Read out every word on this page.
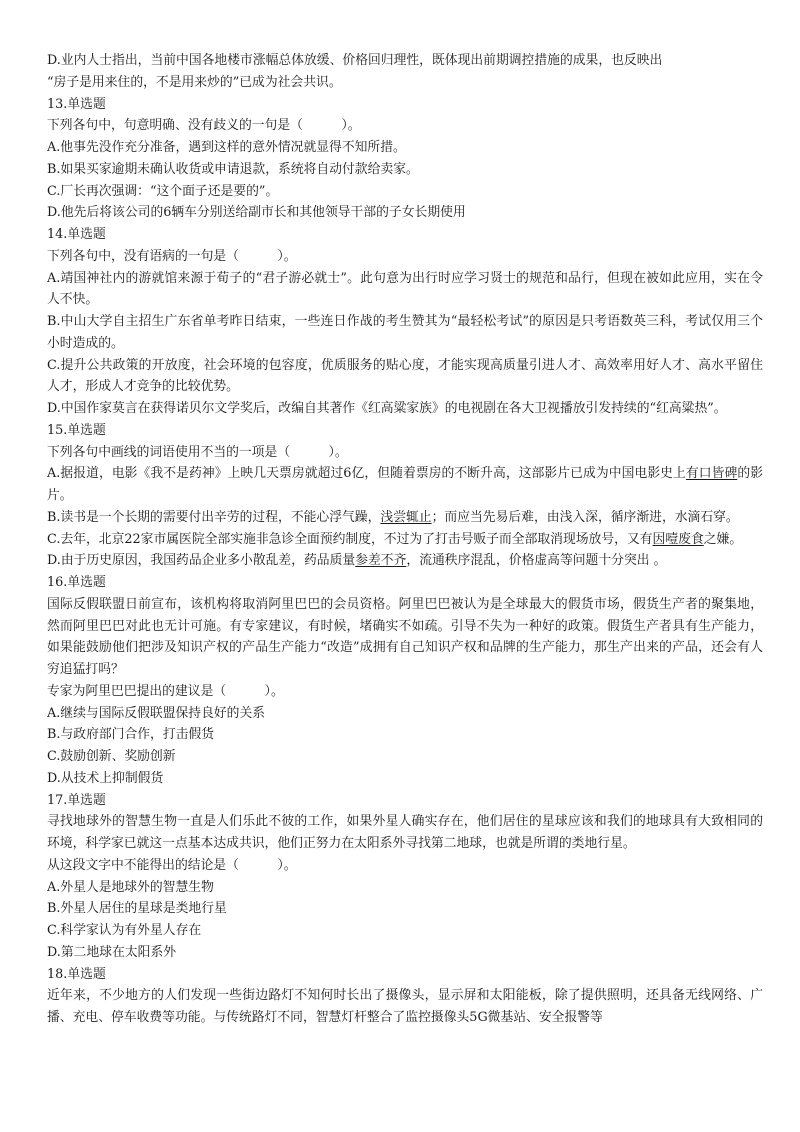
D.业内人士指出，当前中国各地楼市涨幅总体放缓、价格回归理性，既体现出前期调控措施的成果，也反映出
“房子是用来住的，不是用来炒的”已成为社会共识。
13.单选题
下列各句中，句意明确、没有歧义的一句是（　　　）。
A.他事先没作充分准备，遇到这样的意外情况就显得不知所措。
B.如果买家逾期未确认收货或申请退款，系统将自动付款给卖家。
C.厂长再次强调：“这个面子还是要的”。
D.他先后将该公司的6辆车分别送给副市长和其他领导干部的子女长期使用
14.单选题
下列各句中，没有语病的一句是（　　　）。
A.靖国神社内的游就馆来源于荀子的“君子游必就士”。此句意为出行时应学习贤士的规范和品行，但现在被如此应用，实在令人不快。
B.中山大学自主招生广东省单考昨日结束，一些连日作战的考生赞其为“最轻松考试”的原因是只考语数英三科，考试仅用三个小时造成的。
C.提升公共政策的开放度，社会环境的包容度，优质服务的贴心度，才能实现高质量引进人才、高效率用好人才、高水平留住人才，形成人才竞争的比较优势。
D.中国作家莫言在获得诺贝尔文学奖后，改编自其著作《红高粱家族》的电视剧在各大卫视播放引发持续的“红高粱热”。
15.单选题
下列各句中画线的词语使用不当的一项是（　　　）。
A.据报道，电影《我不是药神》上映几天票房就超过6亿，但随着票房的不断升高，这部影片已成为中国电影史上有口皆碑的影片。
B.读书是一个长期的需要付出辛劳的过程，不能心浮气躁，浅尝辄止；而应当先易后难，由浅入深，循序渐进，水滴石穿。
C.去年，北京22家市属医院全部实施非急诊全面预约制度，不过为了打击号贩子而全部取消现场放号，又有因噎废食之嫌。
D.由于历史原因，我国药品企业多小散乱差，药品质量参差不齐，流通秩序混乱，价格虚高等问题十分突出 。
16.单选题
国际反假联盟日前宣布，该机构将取消阿里巴巴的会员资格。阿里巴巴被认为是全球最大的假货市场，假货生产者的聚集地，然而阿里巴巴对此也无计可施。有专家建议，有时候，堵确实不如疏。引导不失为一种好的政策。假货生产者具有生产能力，如果能鼓励他们把涉及知识产权的产品生产能力“改造”成拥有自己知识产权和品牌的生产能力，那生产出来的产品，还会有人穷追猛打吗？
专家为阿里巴巴提出的建议是（　　　）。
A.继续与国际反假联盟保持良好的关系
B.与政府部门合作，打击假货
C.鼓励创新、奖励创新
D.从技术上抑制假货
17.单选题
寻找地球外的智慧生物一直是人们乐此不彼的工作，如果外星人确实存在，他们居住的星球应该和我们的地球具有大致相同的环境，科学家已就这一点基本达成共识，他们正努力在太阳系外寻找第二地球，也就是所谓的类地行星。
从这段文字中不能得出的结论是（　　　）。
A.外星人是地球外的智慧生物
B.外星人居住的星球是类地行星
C.科学家认为有外星人存在
D.第二地球在太阳系外
18.单选题
近年来，不少地方的人们发现一些街边路灯不知何时长出了摄像头，显示屏和太阳能板，除了提供照明，还具备无线网络、广播、充电、停车收费等功能。与传统路灯不同，智慧灯杆整合了监控摄像头5G微基站、安全报警等
